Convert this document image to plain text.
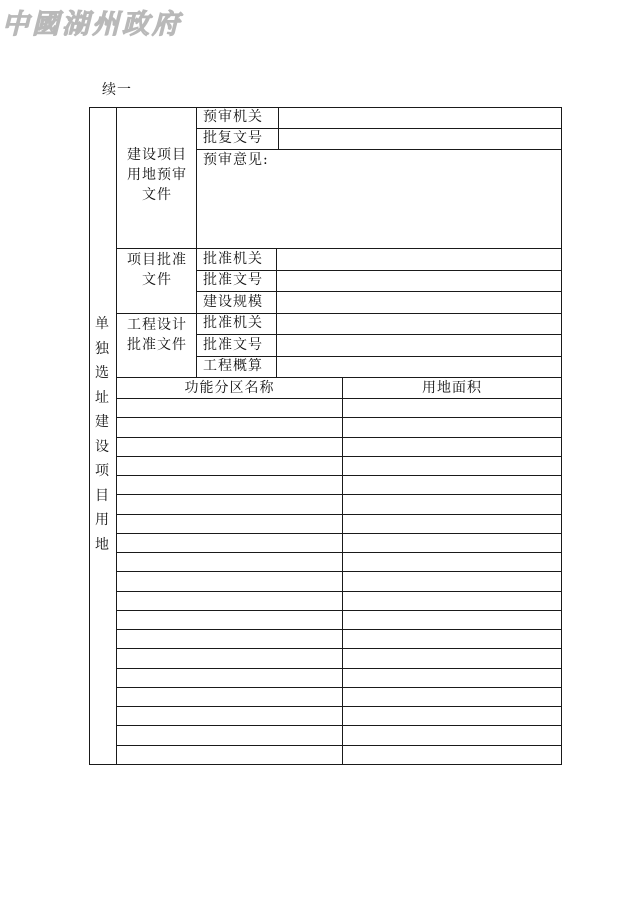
中國湖州政府
续一
单
独
选
址
建
设
项
目
用
地
建设项目
用地预审
文件
项目批准
文件
工程设计
批准文件
预审机关
批复文号
预审意见:
批准机关
批准文号
建设规模
批准机关
批准文号
工程概算
功能分区名称	用地面积
